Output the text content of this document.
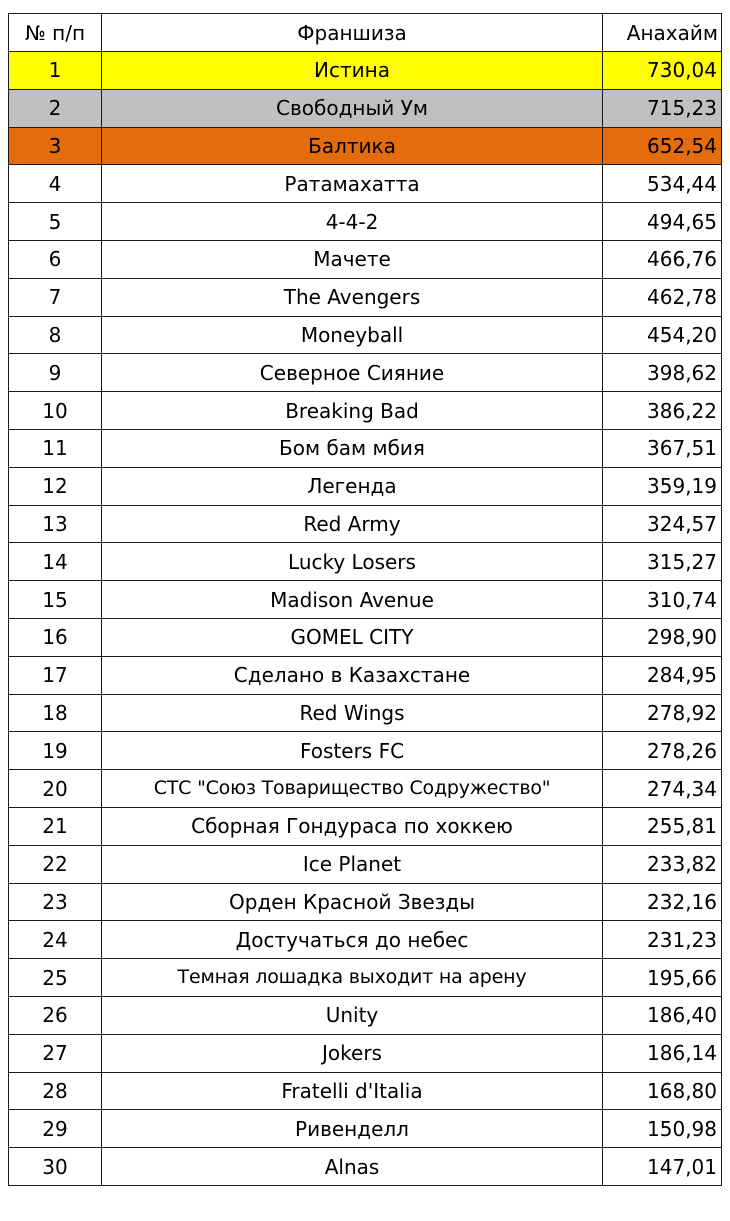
№ п/п	Франшиза	Анахайм
1	Истина	730,04
2	Свободный Ум	715,23
3	Балтика	652,54
4	Ратамахатта	534,44
5	4-4-2	494,65
6	Мачете	466,76
7	The Avengers	462,78
8	Moneyball	454,20
9	Северное Сияние	398,62
10	Breaking Bad	386,22
11	Бом бам мбия	367,51
12	Легенда	359,19
13	Red Army	324,57
14	Lucky Losers	315,27
15	Madison Avenue	310,74
16	GOMEL CITY	298,90
17	Сделано в Казахстане	284,95
18	Red Wings	278,92
19	Fosters FC	278,26
20	СТС "Союз Товарищество Содружество"	274,34
21	Сборная Гондураса по хоккею	255,81
22	Ice Planet	233,82
23	Орден Красной Звезды	232,16
24	Достучаться до небес	231,23
25	Темная лошадка выходит на арену	195,66
26	Unity	186,40
27	Jokers	186,14
28	Fratelli d'Italia	168,80
29	Ривенделл	150,98
30	Alnas	147,01
